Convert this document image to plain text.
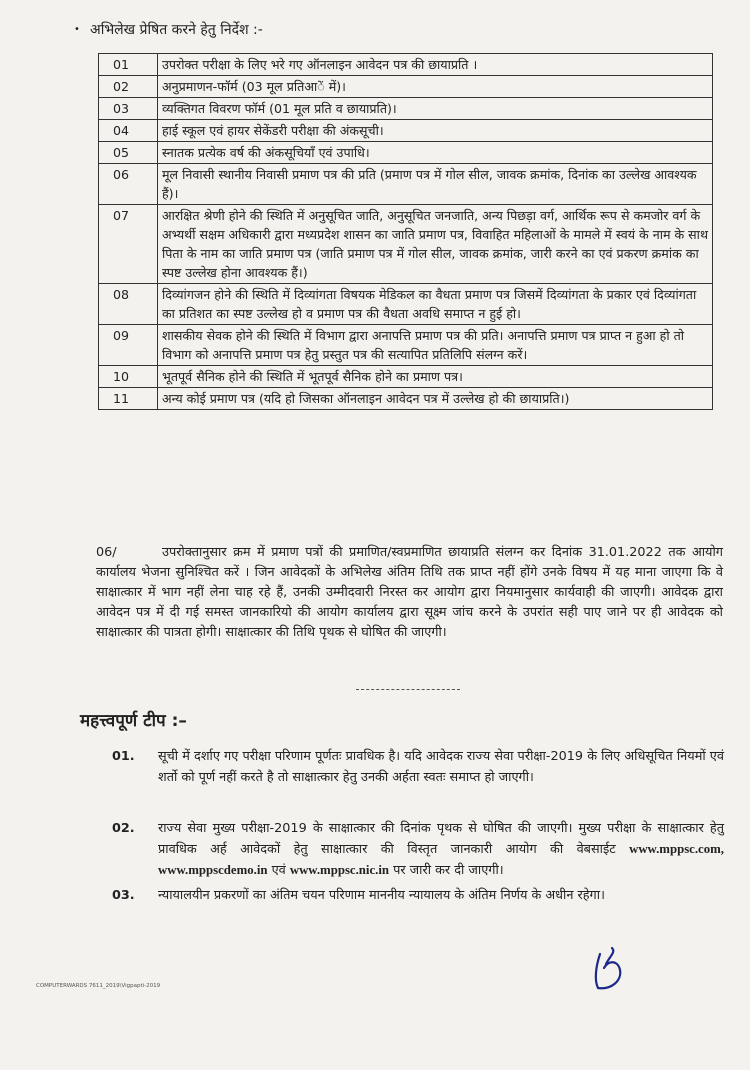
• अभिलेख प्रेषित करने हेतु निर्देश :-
01	उपरोक्त परीक्षा के लिए भरे गए ऑनलाइन आवेदन पत्र की छायाप्रति ।
02	अनुप्रमाणन-फॉर्म (03 मूल प्रतिआें में)।
03	व्यक्तिगत विवरण फॉर्म (01 मूल प्रति व छायाप्रति)।
04	हाई स्कूल एवं हायर सेकेंडरी परीक्षा की अंकसूची।
05	स्नातक प्रत्येक वर्ष की अंकसूचियाँ एवं उपाधि।
06	मूल निवासी स्थानीय निवासी प्रमाण पत्र की प्रति (प्रमाण पत्र में गोल सील, जावक क्रमांक, दिनांक का उल्लेख आवश्यक हैं)।
07	आरक्षित श्रेणी होने की स्थिति में अनुसूचित जाति, अनुसूचित जनजाति, अन्य पिछड़ा वर्ग, आर्थिक रूप से कमजोर वर्ग के अभ्यर्थी सक्षम अधिकारी द्वारा मध्यप्रदेश शासन का जाति प्रमाण पत्र, विवाहित महिलाओं के मामले में स्वयं के नाम के साथ पिता के नाम का जाति प्रमाण पत्र (जाति प्रमाण पत्र में गोल सील, जावक क्रमांक, जारी करने का एवं प्रकरण क्रमांक का स्पष्ट उल्लेख होना आवश्यक हैं।)
08	दिव्यांगजन होने की स्थिति में दिव्यांगता विषयक मेडिकल का वैधता प्रमाण पत्र जिसमें दिव्यांगता के प्रकार एवं दिव्यांगता का प्रतिशत का स्पष्ट उल्लेख हो व प्रमाण पत्र की वैधता अवधि समाप्त न हुई हो।
09	शासकीय सेवक होने की स्थिति में विभाग द्वारा अनापत्ति प्रमाण पत्र की प्रति। अनापत्ति प्रमाण पत्र प्राप्त न हुआ हो तो विभाग को अनापत्ति प्रमाण पत्र हेतु प्रस्तुत पत्र की सत्यापित प्रतिलिपि संलग्न करें।
10	भूतपूर्व सैनिक होने की स्थिति में भूतपूर्व सैनिक होने का प्रमाण पत्र।
11	अन्य कोई प्रमाण पत्र (यदि हो जिसका ऑनलाइन आवेदन पत्र में उल्लेख हो की छायाप्रति।)
06/	उपरोक्तानुसार क्रम में प्रमाण पत्रों की प्रमाणित/स्वप्रमाणित छायाप्रति संलग्न कर दिनांक 31.01.2022 तक आयोग कार्यालय भेजना सुनिश्चित करें । जिन आवेदकों के अभिलेख अंतिम तिथि तक प्राप्त नहीं होंगे उनके विषय में यह माना जाएगा कि वे साक्षात्कार में भाग नहीं लेना चाह रहे हैं, उनकी उम्मीदवारी निरस्त कर आयोग द्वारा नियमानुसार कार्यवाही की जाएगी। आवेदक द्वारा आवेदन पत्र में दी गई समस्त जानकारियो की आयोग कार्यालय द्वारा सूक्ष्म जांच करने के उपरांत सही पाए जाने पर ही आवेदक को साक्षात्कार की पात्रता होगी। साक्षात्कार की तिथि पृथक से घोषित की जाएगी।
महत्त्वपूर्ण टीप :–
01. सूची में दर्शाए गए परीक्षा परिणाम पूर्णतः प्रावधिक है। यदि आवेदक राज्य सेवा परीक्षा-2019 के लिए अधिसूचित नियमों एवं शर्तो को पूर्ण नहीं करते है तो साक्षात्कार हेतु उनकी अर्हता स्वतः समाप्त हो जाएगी।
02. राज्य सेवा मुख्य परीक्षा-2019 के साक्षात्कार की दिनांक पृथक से घोषित की जाएगी। मुख्य परीक्षा के साक्षात्कार हेतु प्रावधिक अर्ह आवेदकों हेतु साक्षात्कार की विस्तृत जानकारी आयोग की वेबसाईट www.mppsc.com, www.mppscdemo.in एवं www.mppsc.nic.in पर जारी कर दी जाएगी।
03. न्यायालयीन प्रकरणों का अंतिम चयन परिणाम माननीय न्यायालय के अंतिम निर्णय के अधीन रहेगा।
COMPUTERWARDS 7611_2019\Vigpapti-2019
